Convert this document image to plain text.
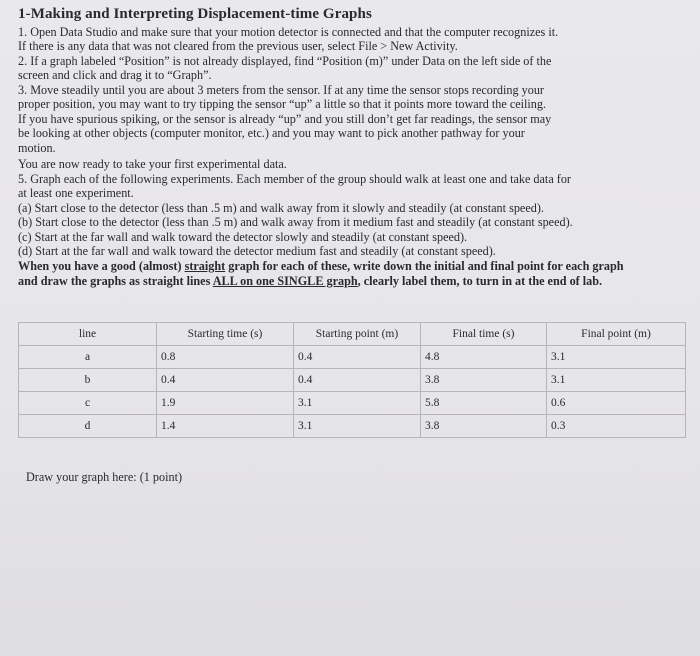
1-Making and Interpreting Displacement-time Graphs
1. Open Data Studio and make sure that your motion detector is connected and that the computer recognizes it.
If there is any data that was not cleared from the previous user, select File > New Activity.
2. If a graph labeled “Position” is not already displayed, find “Position (m)” under Data on the left side of the
screen and click and drag it to “Graph”.
3. Move steadily until you are about 3 meters from the sensor. If at any time the sensor stops recording your
proper position, you may want to try tipping the sensor “up” a little so that it points more toward the ceiling.
If you have spurious spiking, or the sensor is already “up” and you still don’t get far readings, the sensor may
be looking at other objects (computer monitor, etc.) and you may want to pick another pathway for your
motion.
You are now ready to take your first experimental data.
5. Graph each of the following experiments. Each member of the group should walk at least one and take data for
at least one experiment.
(a) Start close to the detector (less than .5 m) and walk away from it slowly and steadily (at constant speed).
(b) Start close to the detector (less than .5 m) and walk away from it medium fast and steadily (at constant speed).
(c) Start at the far wall and walk toward the detector slowly and steadily (at constant speed).
(d) Start at the far wall and walk toward the detector medium fast and steadily (at constant speed).
When you have a good (almost) straight graph for each of these, write down the initial and final point for each graph
and draw the graphs as straight lines ALL on one SINGLE graph, clearly label them, to turn in at the end of lab.
line	Starting time (s)	Starting point (m)	Final time (s)	Final point (m)
a	0.8	0.4	4.8	3.1
b	0.4	0.4	3.8	3.1
c	1.9	3.1	5.8	0.6
d	1.4	3.1	3.8	0.3
Draw your graph here: (1 point)
